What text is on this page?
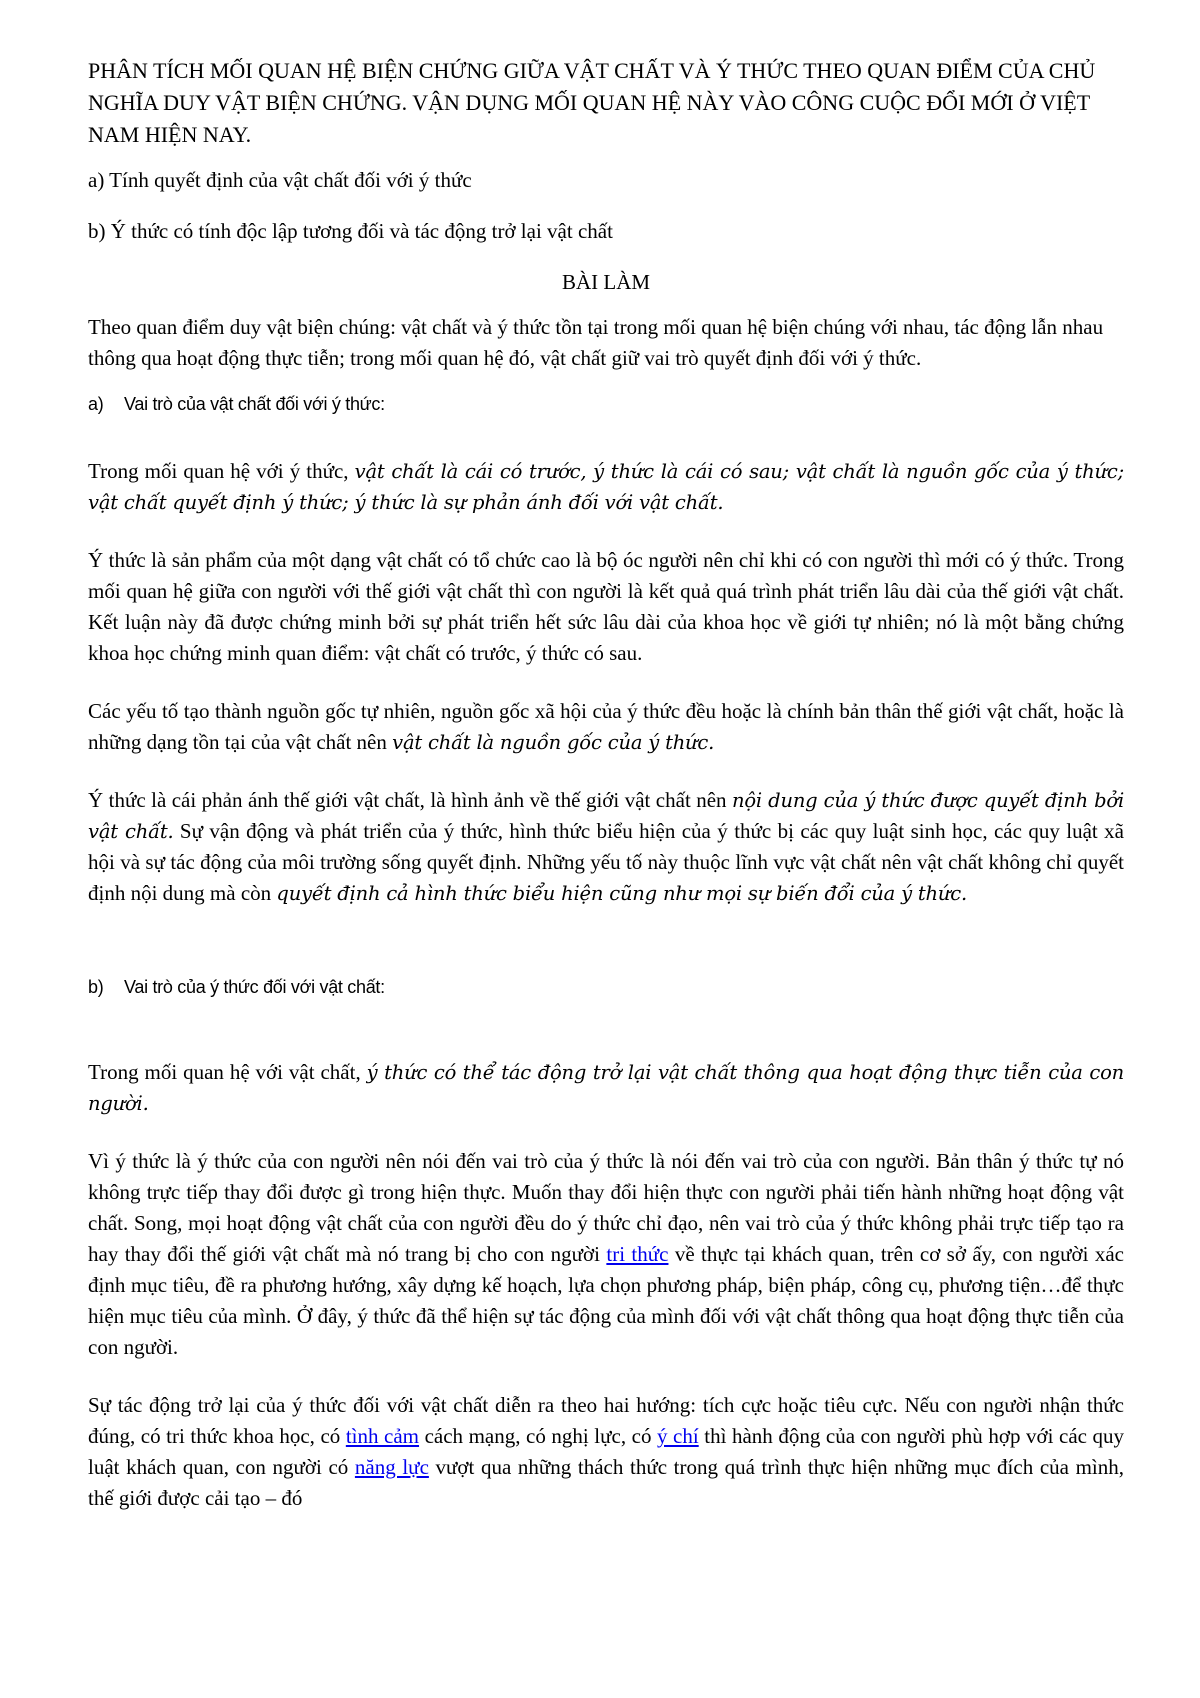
PHÂN TÍCH MỐI QUAN HỆ BIỆN CHỨNG GIỮA VẬT CHẤT VÀ Ý THỨC THEO QUAN ĐIỂM CỦA CHỦ NGHĨA DUY VẬT BIỆN CHỨNG. VẬN DỤNG MỐI QUAN HỆ NÀY VÀO CÔNG CUỘC ĐỔI MỚI Ở VIỆT NAM HIỆN NAY.

a) Tính quyết định của vật chất đối với ý thức

b) Ý thức có tính độc lập tương đối và tác động trở lại vật chất

BÀI LÀM

Theo quan điểm duy vật biện chúng: vật chất và ý thức tồn tại trong mối quan hệ biện chúng với nhau, tác động lẫn nhau thông qua hoạt động thực tiễn; trong mối quan hệ đó, vật chất giữ vai trò quyết định đối với ý thức.

a) Vai trò của vật chất đối với ý thức:

Trong mối quan hệ với ý thức, vật chất là cái có trước, ý thức là cái có sau; vật chất là nguồn gốc của ý thức; vật chất quyết định ý thức; ý thức là sự phản ánh đối với vật chất.

Ý thức là sản phẩm của một dạng vật chất có tổ chức cao là bộ óc người nên chỉ khi có con người thì mới có ý thức. Trong mối quan hệ giữa con người với thế giới vật chất thì con người là kết quả quá trình phát triển lâu dài của thế giới vật chất. Kết luận này đã được chứng minh bởi sự phát triển hết sức lâu dài của khoa học về giới tự nhiên; nó là một bằng chứng khoa học chứng minh quan điểm: vật chất có trước, ý thức có sau.

Các yếu tố tạo thành nguồn gốc tự nhiên, nguồn gốc xã hội của ý thức đều hoặc là chính bản thân thế giới vật chất, hoặc là những dạng tồn tại của vật chất nên vật chất là nguồn gốc của ý thức.

Ý thức là cái phản ánh thế giới vật chất, là hình ảnh về thế giới vật chất nên nội dung của ý thức được quyết định bởi vật chất. Sự vận động và phát triển của ý thức, hình thức biểu hiện của ý thức bị các quy luật sinh học, các quy luật xã hội và sự tác động của môi trường sống quyết định. Những yếu tố này thuộc lĩnh vực vật chất nên vật chất không chỉ quyết định nội dung mà còn quyết định cả hình thức biểu hiện cũng như mọi sự biến đổi của ý thức.

b) Vai trò của ý thức đối với vật chất:

Trong mối quan hệ với vật chất, ý thức có thể tác động trở lại vật chất thông qua hoạt động thực tiễn của con người.

Vì ý thức là ý thức của con người nên nói đến vai trò của ý thức là nói đến vai trò của con người. Bản thân ý thức tự nó không trực tiếp thay đổi được gì trong hiện thực. Muốn thay đổi hiện thực con người phải tiến hành những hoạt động vật chất. Song, mọi hoạt động vật chất của con người đều do ý thức chỉ đạo, nên vai trò của ý thức không phải trực tiếp tạo ra hay thay đổi thế giới vật chất mà nó trang bị cho con người tri thức về thực tại khách quan, trên cơ sở ấy, con người xác định mục tiêu, đề ra phương hướng, xây dựng kế hoạch, lựa chọn phương pháp, biện pháp, công cụ, phương tiện…để thực hiện mục tiêu của mình. Ở đây, ý thức đã thể hiện sự tác động của mình đối với vật chất thông qua hoạt động thực tiễn của con người.

Sự tác động trở lại của ý thức đối với vật chất diễn ra theo hai hướng: tích cực hoặc tiêu cực. Nếu con người nhận thức đúng, có tri thức khoa học, có tình cảm cách mạng, có nghị lực, có ý chí thì hành động của con người phù hợp với các quy luật khách quan, con người có năng lực vượt qua những thách thức trong quá trình thực hiện những mục đích của mình, thế giới được cải tạo – đó
